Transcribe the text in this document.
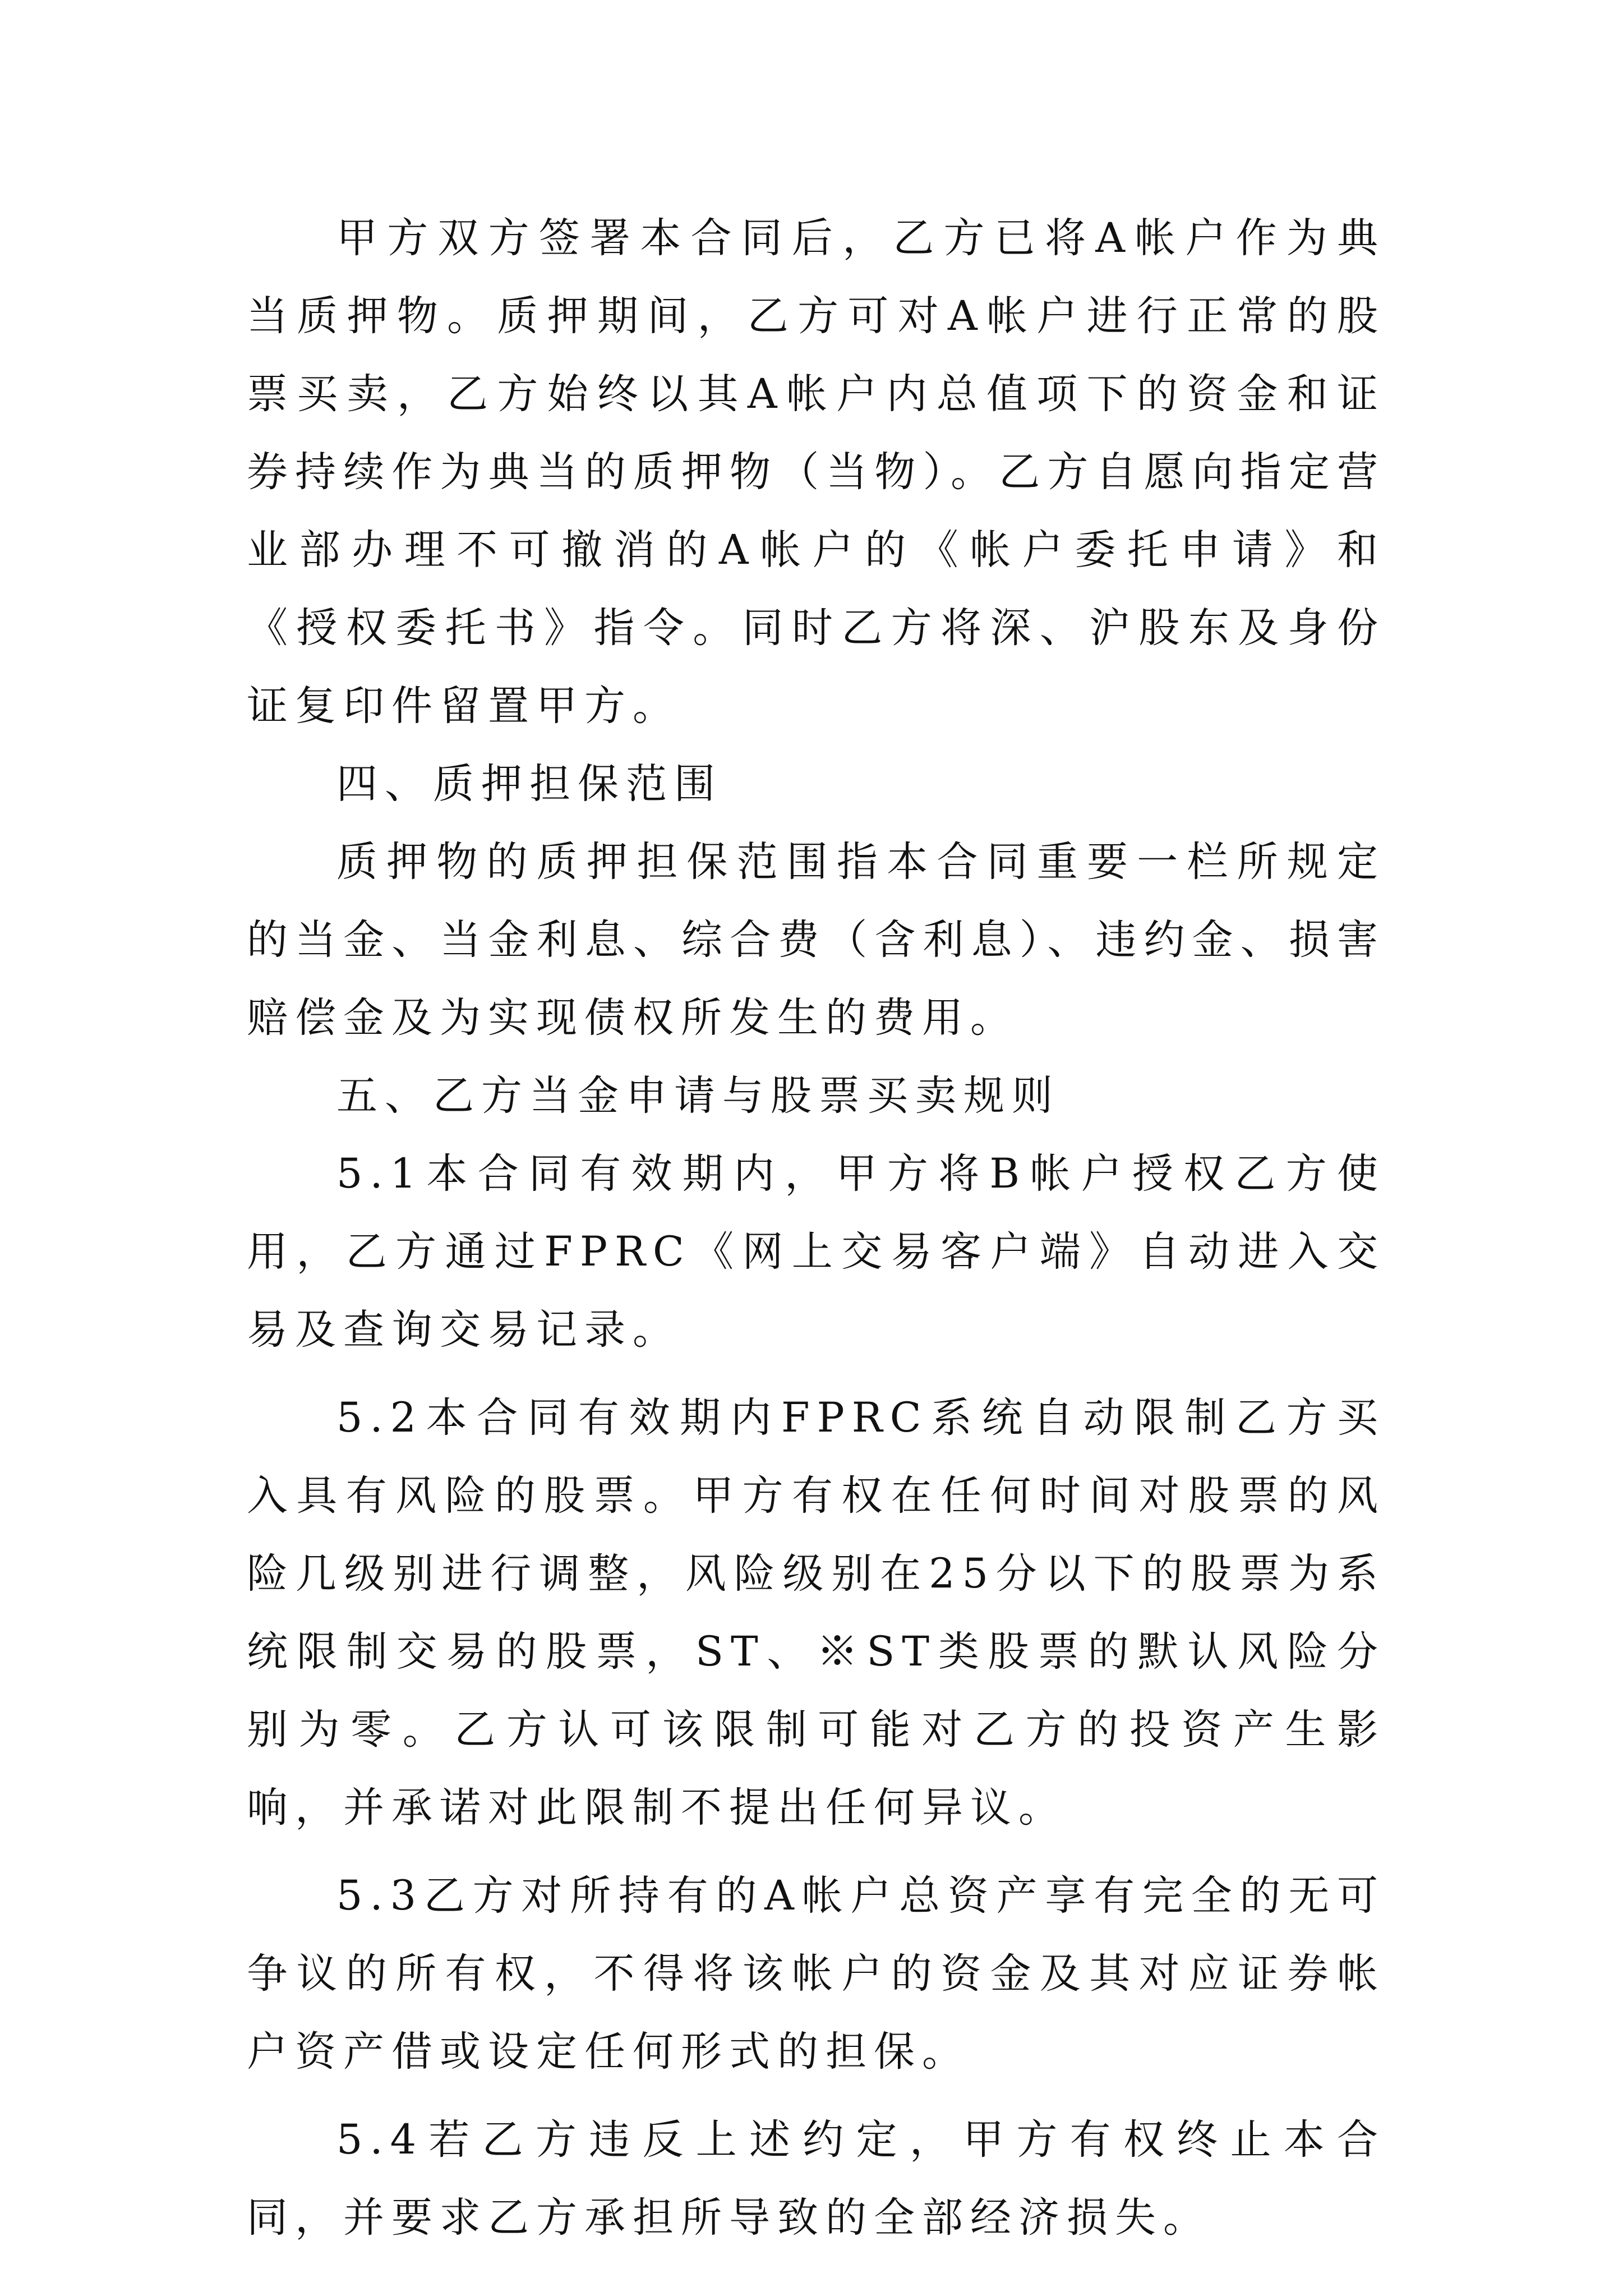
甲方双方签署本合同后，乙方已将A帐户作为典当质押物。质押期间，乙方可对A帐户进行正常的股票买卖，乙方始终以其A帐户内总值项下的资金和证券持续作为典当的质押物（当物）。乙方自愿向指定营业部办理不可撤消的A帐户的《帐户委托申请》和《授权委托书》指令。同时乙方将深、沪股东及身份证复印件留置甲方。

四、质押担保范围

质押物的质押担保范围指本合同重要一栏所规定的当金、当金利息、综合费（含利息）、违约金、损害赔偿金及为实现债权所发生的费用。

五、乙方当金申请与股票买卖规则

5.1本合同有效期内，甲方将B帐户授权乙方使用，乙方通过FPRC《网上交易客户端》自动进入交易及查询交易记录。

5.2本合同有效期内FPRC系统自动限制乙方买入具有风险的股票。甲方有权在任何时间对股票的风险几级别进行调整，风险级别在25分以下的股票为系统限制交易的股票，ST、※ST类股票的默认风险分别为零。乙方认可该限制可能对乙方的投资产生影响，并承诺对此限制不提出任何异议。

5.3乙方对所持有的A帐户总资产享有完全的无可争议的所有权，不得将该帐户的资金及其对应证券帐户资产借或设定任何形式的担保。

5.4若乙方违反上述约定，甲方有权终止本合同，并要求乙方承担所导致的全部经济损失。
